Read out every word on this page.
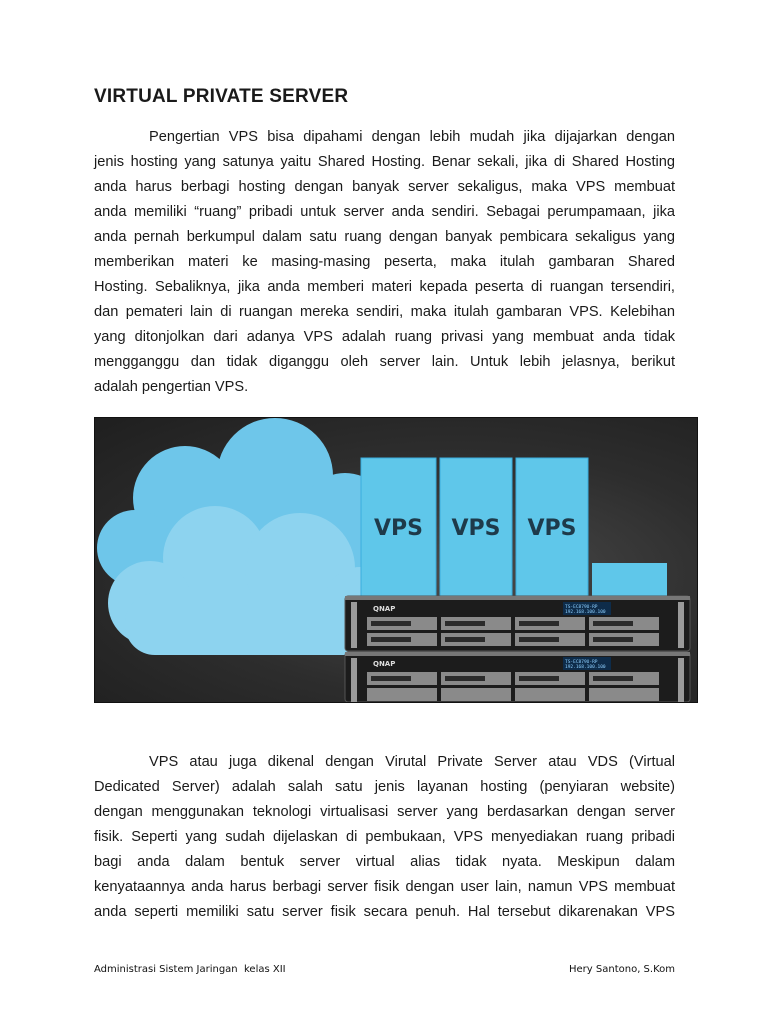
VIRTUAL PRIVATE SERVER
Pengertian VPS bisa dipahami dengan lebih mudah jika dijajarkan dengan
jenis hosting yang satunya yaitu Shared Hosting. Benar sekali, jika di Shared Hosting
anda harus berbagi hosting dengan banyak server sekaligus, maka VPS membuat
anda memiliki “ruang” pribadi untuk server anda sendiri. Sebagai perumpamaan, jika
anda pernah berkumpul dalam satu ruang dengan banyak pembicara sekaligus yang
memberikan materi ke masing-masing peserta, maka itulah gambaran Shared
Hosting. Sebaliknya, jika anda memberi materi kepada peserta di ruangan tersendiri,
dan pemateri lain di ruangan mereka sendiri, maka itulah gambaran VPS. Kelebihan
yang ditonjolkan dari adanya VPS adalah ruang privasi yang membuat anda tidak
mengganggu dan tidak diganggu oleh server lain. Untuk lebih jelasnya, berikut
adalah pengertian VPS.
VPS VPS VPS
QNAP	TS-EC879U-RP
192.168.100.100
QNAP	TS-EC879U-RP
192.168.100.100
VPS atau juga dikenal dengan Virutal Private Server atau VDS (Virtual
Dedicated Server) adalah salah satu jenis layanan hosting (penyiaran website)
dengan menggunakan teknologi virtualisasi server yang berdasarkan dengan server
fisik. Seperti yang sudah dijelaskan di pembukaan, VPS menyediakan ruang pribadi
bagi anda dalam bentuk server virtual alias tidak nyata. Meskipun dalam
kenyataannya anda harus berbagi server fisik dengan user lain, namun VPS membuat
anda seperti memiliki satu server fisik secara penuh. Hal tersebut dikarenakan VPS
Administrasi Sistem Jaringan  kelas XII	Hery Santono, S.Kom
